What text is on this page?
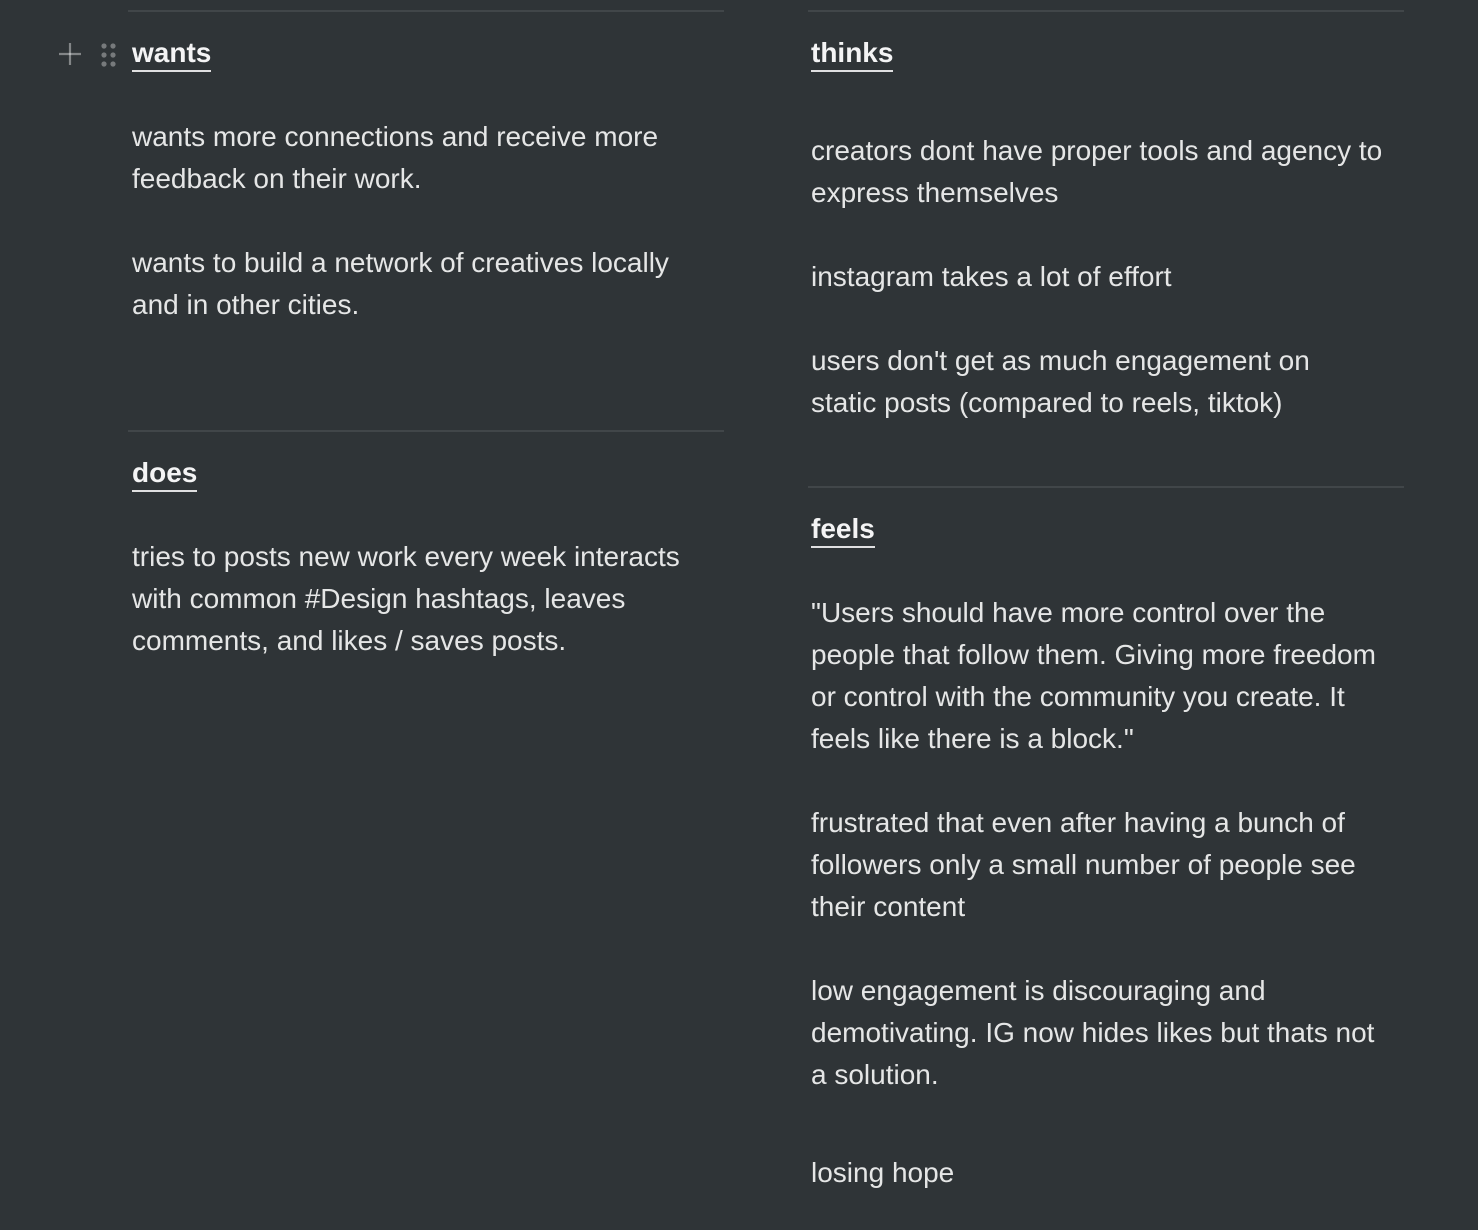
wants

wants more connections and receive more feedback on their work.

wants to build a network of creatives locally and in other cities.

does

tries to posts new work every week interacts with common #Design hashtags, leaves comments, and likes / saves posts.

thinks

creators dont have proper tools and agency to express themselves

instagram takes a lot of effort

users don't get as much engagement on static posts (compared to reels, tiktok)

feels

"Users should have more control over the people that follow them. Giving more freedom or control with the community you create. It feels like there is a block."

frustrated that even after having a bunch of followers only a small number of people see their content

low engagement is discouraging and demotivating. IG now hides likes but thats not a solution.

losing hope
